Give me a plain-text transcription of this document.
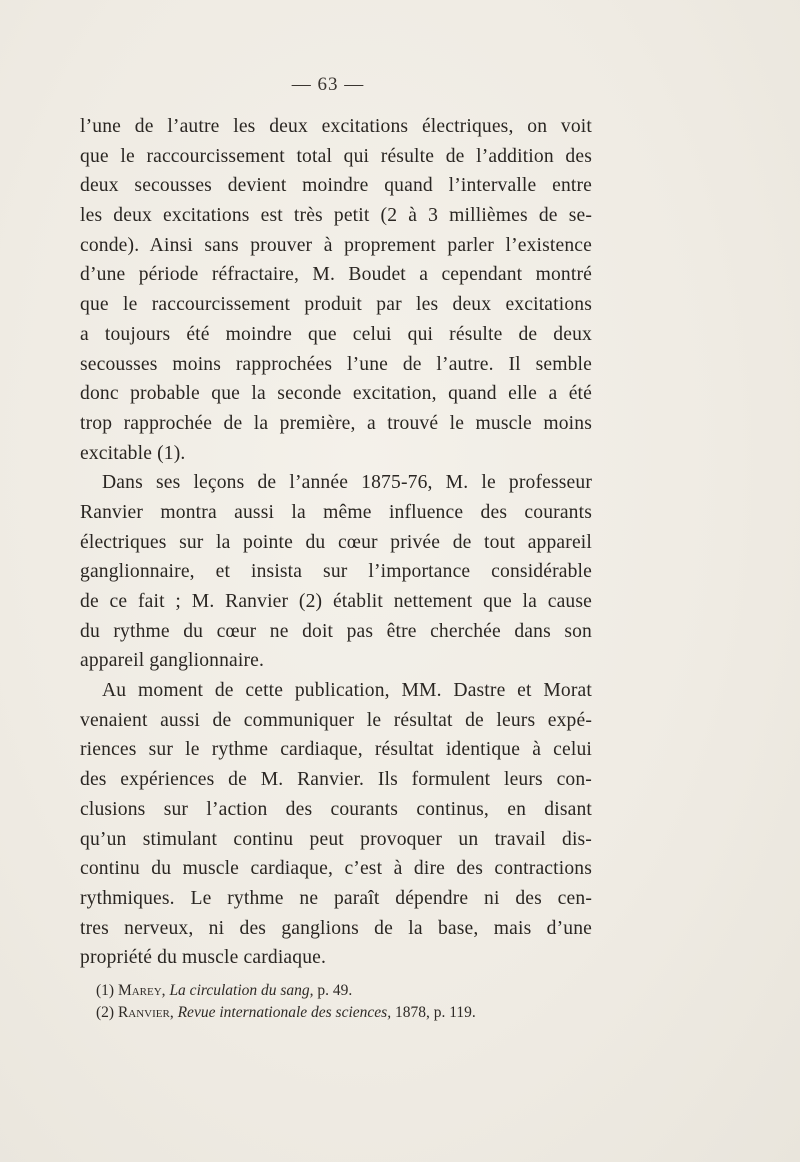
— 63 —
l’une de l’autre les deux excitations électriques, on voit
que le raccourcissement total qui résulte de l’addition des
deux secousses devient moindre quand l’intervalle entre
les deux excitations est très petit (2 à 3 millièmes de se-
conde). Ainsi sans prouver à proprement parler l’existence
d’une période réfractaire, M. Boudet a cependant montré
que le raccourcissement produit par les deux excitations
a toujours été moindre que celui qui résulte de deux
secousses moins rapprochées l’une de l’autre. Il semble
donc probable que la seconde excitation, quand elle a été
trop rapprochée de la première, a trouvé le muscle moins
excitable (1).
Dans ses leçons de l’année 1875-76, M. le professeur
Ranvier montra aussi la même influence des courants
électriques sur la pointe du cœur privée de tout appareil
ganglionnaire, et insista sur l’importance considérable
de ce fait ; M. Ranvier (2) établit nettement que la cause
du rythme du cœur ne doit pas être cherchée dans son
appareil ganglionnaire.
Au moment de cette publication, MM. Dastre et Morat
venaient aussi de communiquer le résultat de leurs expé-
riences sur le rythme cardiaque, résultat identique à celui
des expériences de M. Ranvier. Ils formulent leurs con-
clusions sur l’action des courants continus, en disant
qu’un stimulant continu peut provoquer un travail dis-
continu du muscle cardiaque, c’est à dire des contractions
rythmiques. Le rythme ne paraît dépendre ni des cen-
tres nerveux, ni des ganglions de la base, mais d’une
propriété du muscle cardiaque.
(1) Marey, La circulation du sang, p. 49.
(2) Ranvier, Revue internationale des sciences, 1878, p. 119.
